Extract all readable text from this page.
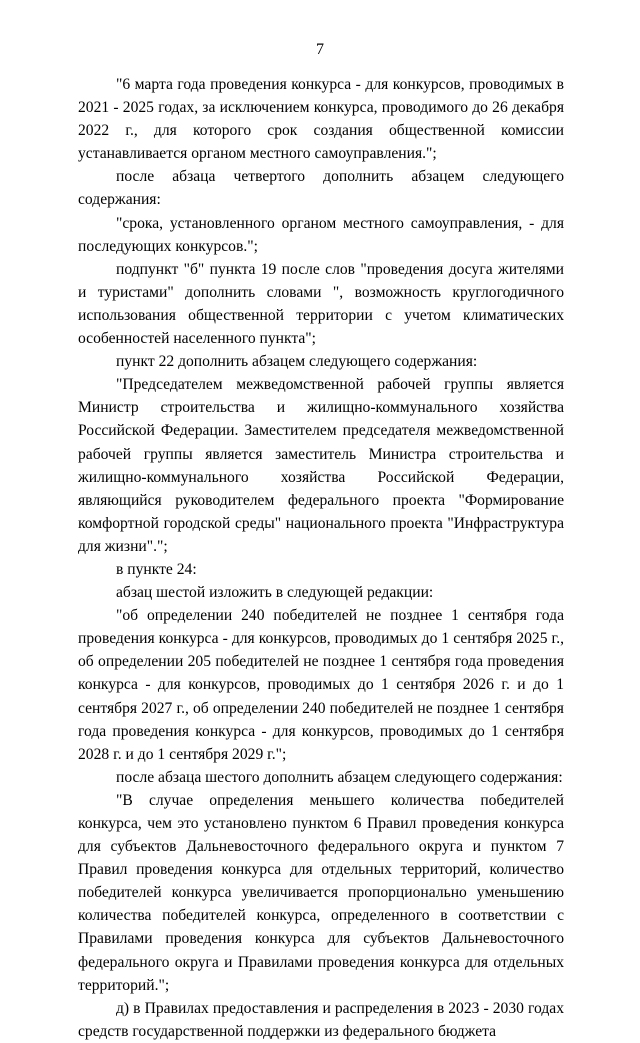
7

"6 марта года проведения конкурса - для конкурсов, проводимых в 2021 - 2025 годах, за исключением конкурса, проводимого до 26 декабря 2022 г., для которого срок создания общественной комиссии устанавливается органом местного самоуправления.";

после абзаца четвертого дополнить абзацем следующего содержания:

"срока, установленного органом местного самоуправления, - для последующих конкурсов.";

подпункт "б" пункта 19 после слов "проведения досуга жителями и туристами" дополнить словами ", возможность круглогодичного использования общественной территории с учетом климатических особенностей населенного пункта";

пункт 22 дополнить абзацем следующего содержания:

"Председателем межведомственной рабочей группы является Министр строительства и жилищно-коммунального хозяйства Российской Федерации. Заместителем председателя межведомственной рабочей группы является заместитель Министра строительства и жилищно-коммунального хозяйства Российской Федерации, являющийся руководителем федерального проекта "Формирование комфортной городской среды" национального проекта "Инфраструктура для жизни".";

в пункте 24:

абзац шестой изложить в следующей редакции:

"об определении 240 победителей не позднее 1 сентября года проведения конкурса - для конкурсов, проводимых до 1 сентября 2025 г., об определении 205 победителей не позднее 1 сентября года проведения конкурса - для конкурсов, проводимых до 1 сентября 2026 г. и до 1 сентября 2027 г., об определении 240 победителей не позднее 1 сентября года проведения конкурса - для конкурсов, проводимых до 1 сентября 2028 г. и до 1 сентября 2029 г.";

после абзаца шестого дополнить абзацем следующего содержания:

"В случае определения меньшего количества победителей конкурса, чем это установлено пунктом 6 Правил проведения конкурса для субъектов Дальневосточного федерального округа и пунктом 7 Правил проведения конкурса для отдельных территорий, количество победителей конкурса увеличивается пропорционально уменьшению количества победителей конкурса, определенного в соответствии с Правилами проведения конкурса для субъектов Дальневосточного федерального округа и Правилами проведения конкурса для отдельных территорий.";

д) в Правилах предоставления и распределения в 2023 - 2030 годах средств государственной поддержки из федерального бюджета
